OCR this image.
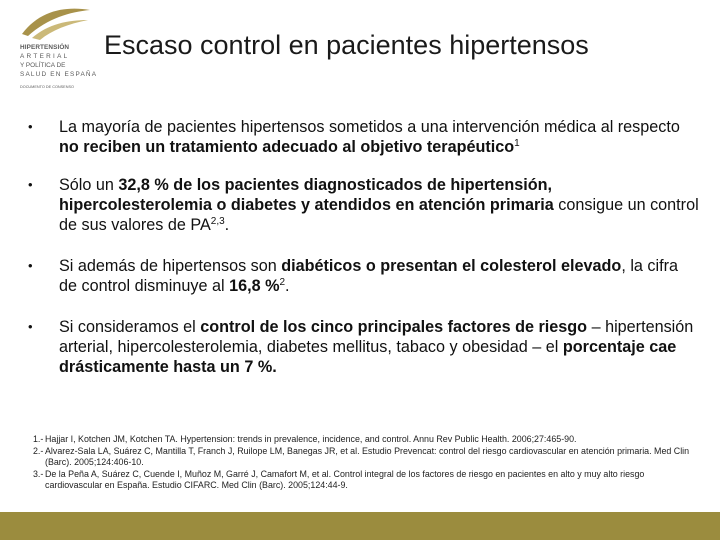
HIPERTENSIÓN
ARTERIAL
Y POLÍTICA DE
SALUD EN ESPAÑA
DOCUMENTO DE CONSENSO
Escaso control en pacientes hipertensos
• La mayoría de pacientes hipertensos sometidos a una intervención médica al respecto no reciben un tratamiento adecuado al objetivo terapéutico$^1$
• Sólo un 32,8 % de los pacientes diagnosticados de hipertensión, hipercolesterolemia o diabetes y atendidos en atención primaria consigue un control de sus valores de PA$^{2,3}$.
• Si además de hipertensos son diabéticos o presentan el colesterol elevado, la cifra de control disminuye al 16,8 %$^2$.
• Si consideramos el control de los cinco principales factores de riesgo – hipertensión arterial, hipercolesterolemia, diabetes mellitus, tabaco y obesidad – el porcentaje cae drásticamente hasta un 7 %.
1.- Hajjar I, Kotchen JM, Kotchen TA. Hypertension: trends in prevalence, incidence, and control. Annu Rev Public Health. 2006;27:465-90.
2.- Alvarez-Sala LA, Suárez C, Mantilla T, Franch J, Ruilope LM, Banegas JR, et al. Estudio Prevencat: control del riesgo cardiovascular en atención primaria. Med Clin (Barc). 2005;124:406-10.
3.- De la Peña A, Suárez C, Cuende I, Muñoz M, Garré J, Camafort M, et al. Control integral de los factores de riesgo en pacientes en alto y muy alto riesgo cardiovascular en España. Estudio CIFARC. Med Clin (Barc). 2005;124:44-9.
